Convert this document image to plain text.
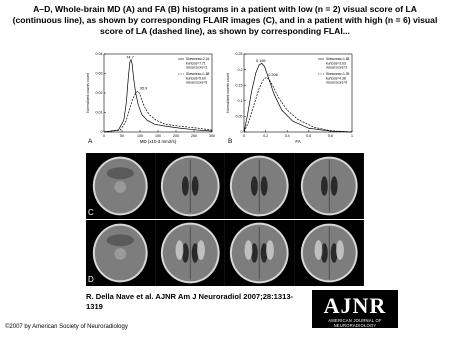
A–D, Whole-brain MD (A) and FA (B) histograms in a patient with low (n = 2) visual score of LA (continuous line), as shown by corresponding FLAIR images (C), and in a patient with high (n = 6) visual score of LA (dashed line), as shown by corresponding FLAI...
0	50	100	150	200	250	300
0
0.01
0.02
0.03
0.04
MD (x10-3 mm2/s)
Normalized counts count
74.7
95.9
Skewness=2.16
kurtosis=7.71
visual score=2
Skewness=1.88
kurtosis=5.60
visual score=6
A
0	0.2	0.4	0.6	0.8	1
0
0.05
0.1
0.15
0.2
0.25
FA
Normalized counts count
0.165
0.206
Skewness=1.68
kurtosis=3.63
visual score=2
Skewness=1.39
kurtosis=4.38
visual score=6
B
C
D
R. Della Nave et al. AJNR Am J Neuroradiol 2007;28:1313-1319	AJNR
AMERICAN JOURNAL OF NEURORADIOLOGY
©2007 by American Society of Neuroradiology
